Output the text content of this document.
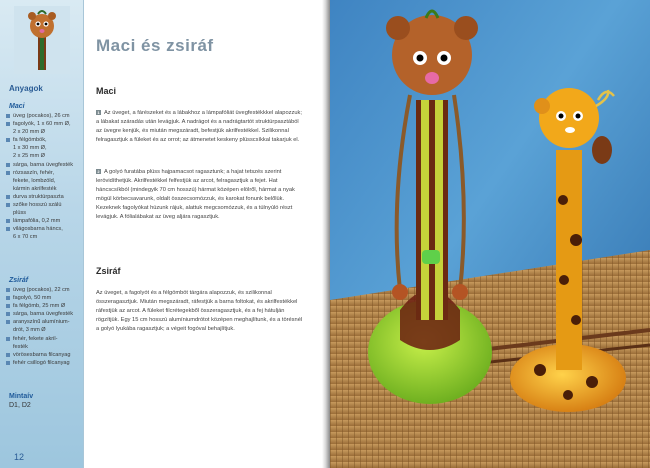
Anyagok
Maci
üveg (pocakos), 26 cm
fagolyók, 1 x 60 mm Ø,
2 x 20 mm Ø
fa félgömbök,
1 x 30 mm Ø,
2 x 25 mm Ø
sárga, barna üvegfesték
rózsaszín, fehér,
fekete, lombzöld,
kármin akrilfesték
durva struktúrpaszta
szőke hosszú szálú
plüss
lámpafólia, 0,2 mm
világosbarna háncs,
6 x 70 cm
Zsiráf
üveg (pocakos), 22 cm
fagolyó, 50 mm
fa félgömb, 25 mm Ø
sárga, barna üvegfesték
aranyszínű alumínium-
drót, 3 mm Ø
fehér, fekete akril-
festék
vörösesbarna filcanyag
fehér csillogó filcanyag
Mintaív
D1, D2
12
Maci és zsiráf
Maci

1 Az üveget, a fárészeket és a lábakhoz a lámpafóliát üvegfestékkkel alapozzuk; a lábakat száradás után levágjuk. A nadrágot és a nadrágtartót struktúrpasztából az üvegre kenjük, és miután megszáradt, befestjük akrilfestékkel. Szilikonnal felragasztjuk a füleket és az orrot; az átmenetet keskeny plüsscsíkkal takarjuk el.

2 A golyó furatába plüss hajpamacsot ragasztunk; a hajat tetszés szerint lerövidíthetjük. Akrilfestékkel felfestjük az arcot, felragasztjuk a fejet. Hat háncscsíkból (mindegyik 70 cm hosszú) hármat középen elölről, hármat a nyak mögül körbecsavarunk, oldalt összecsomózzuk, és karokat fonunk belőlük. Kezeknek fagolyókat húzunk rájuk, alattuk megcsomózzuk, és a túlnyúló részt levágjuk. A fólialábakat az üveg aljára ragasztjuk.

Zsiráf

Az üveget, a fagolyót és a félgömböt tárgára alapozzuk, és szilikonnal összeragasztjuk. Miután megszáradt, ráfestjük a barna foltokat, és akrilfestékkel ráfestjük az arcot. A füleket filcrétegekből összeragasztjuk, és a fej hátulján rögzítjük. Egy 15 cm hosszú alumíniumdrótot középen meghajlítunk, és a törésnél a golyó lyukába ragasztjuk; a végeit fogóval behajlítjuk.
